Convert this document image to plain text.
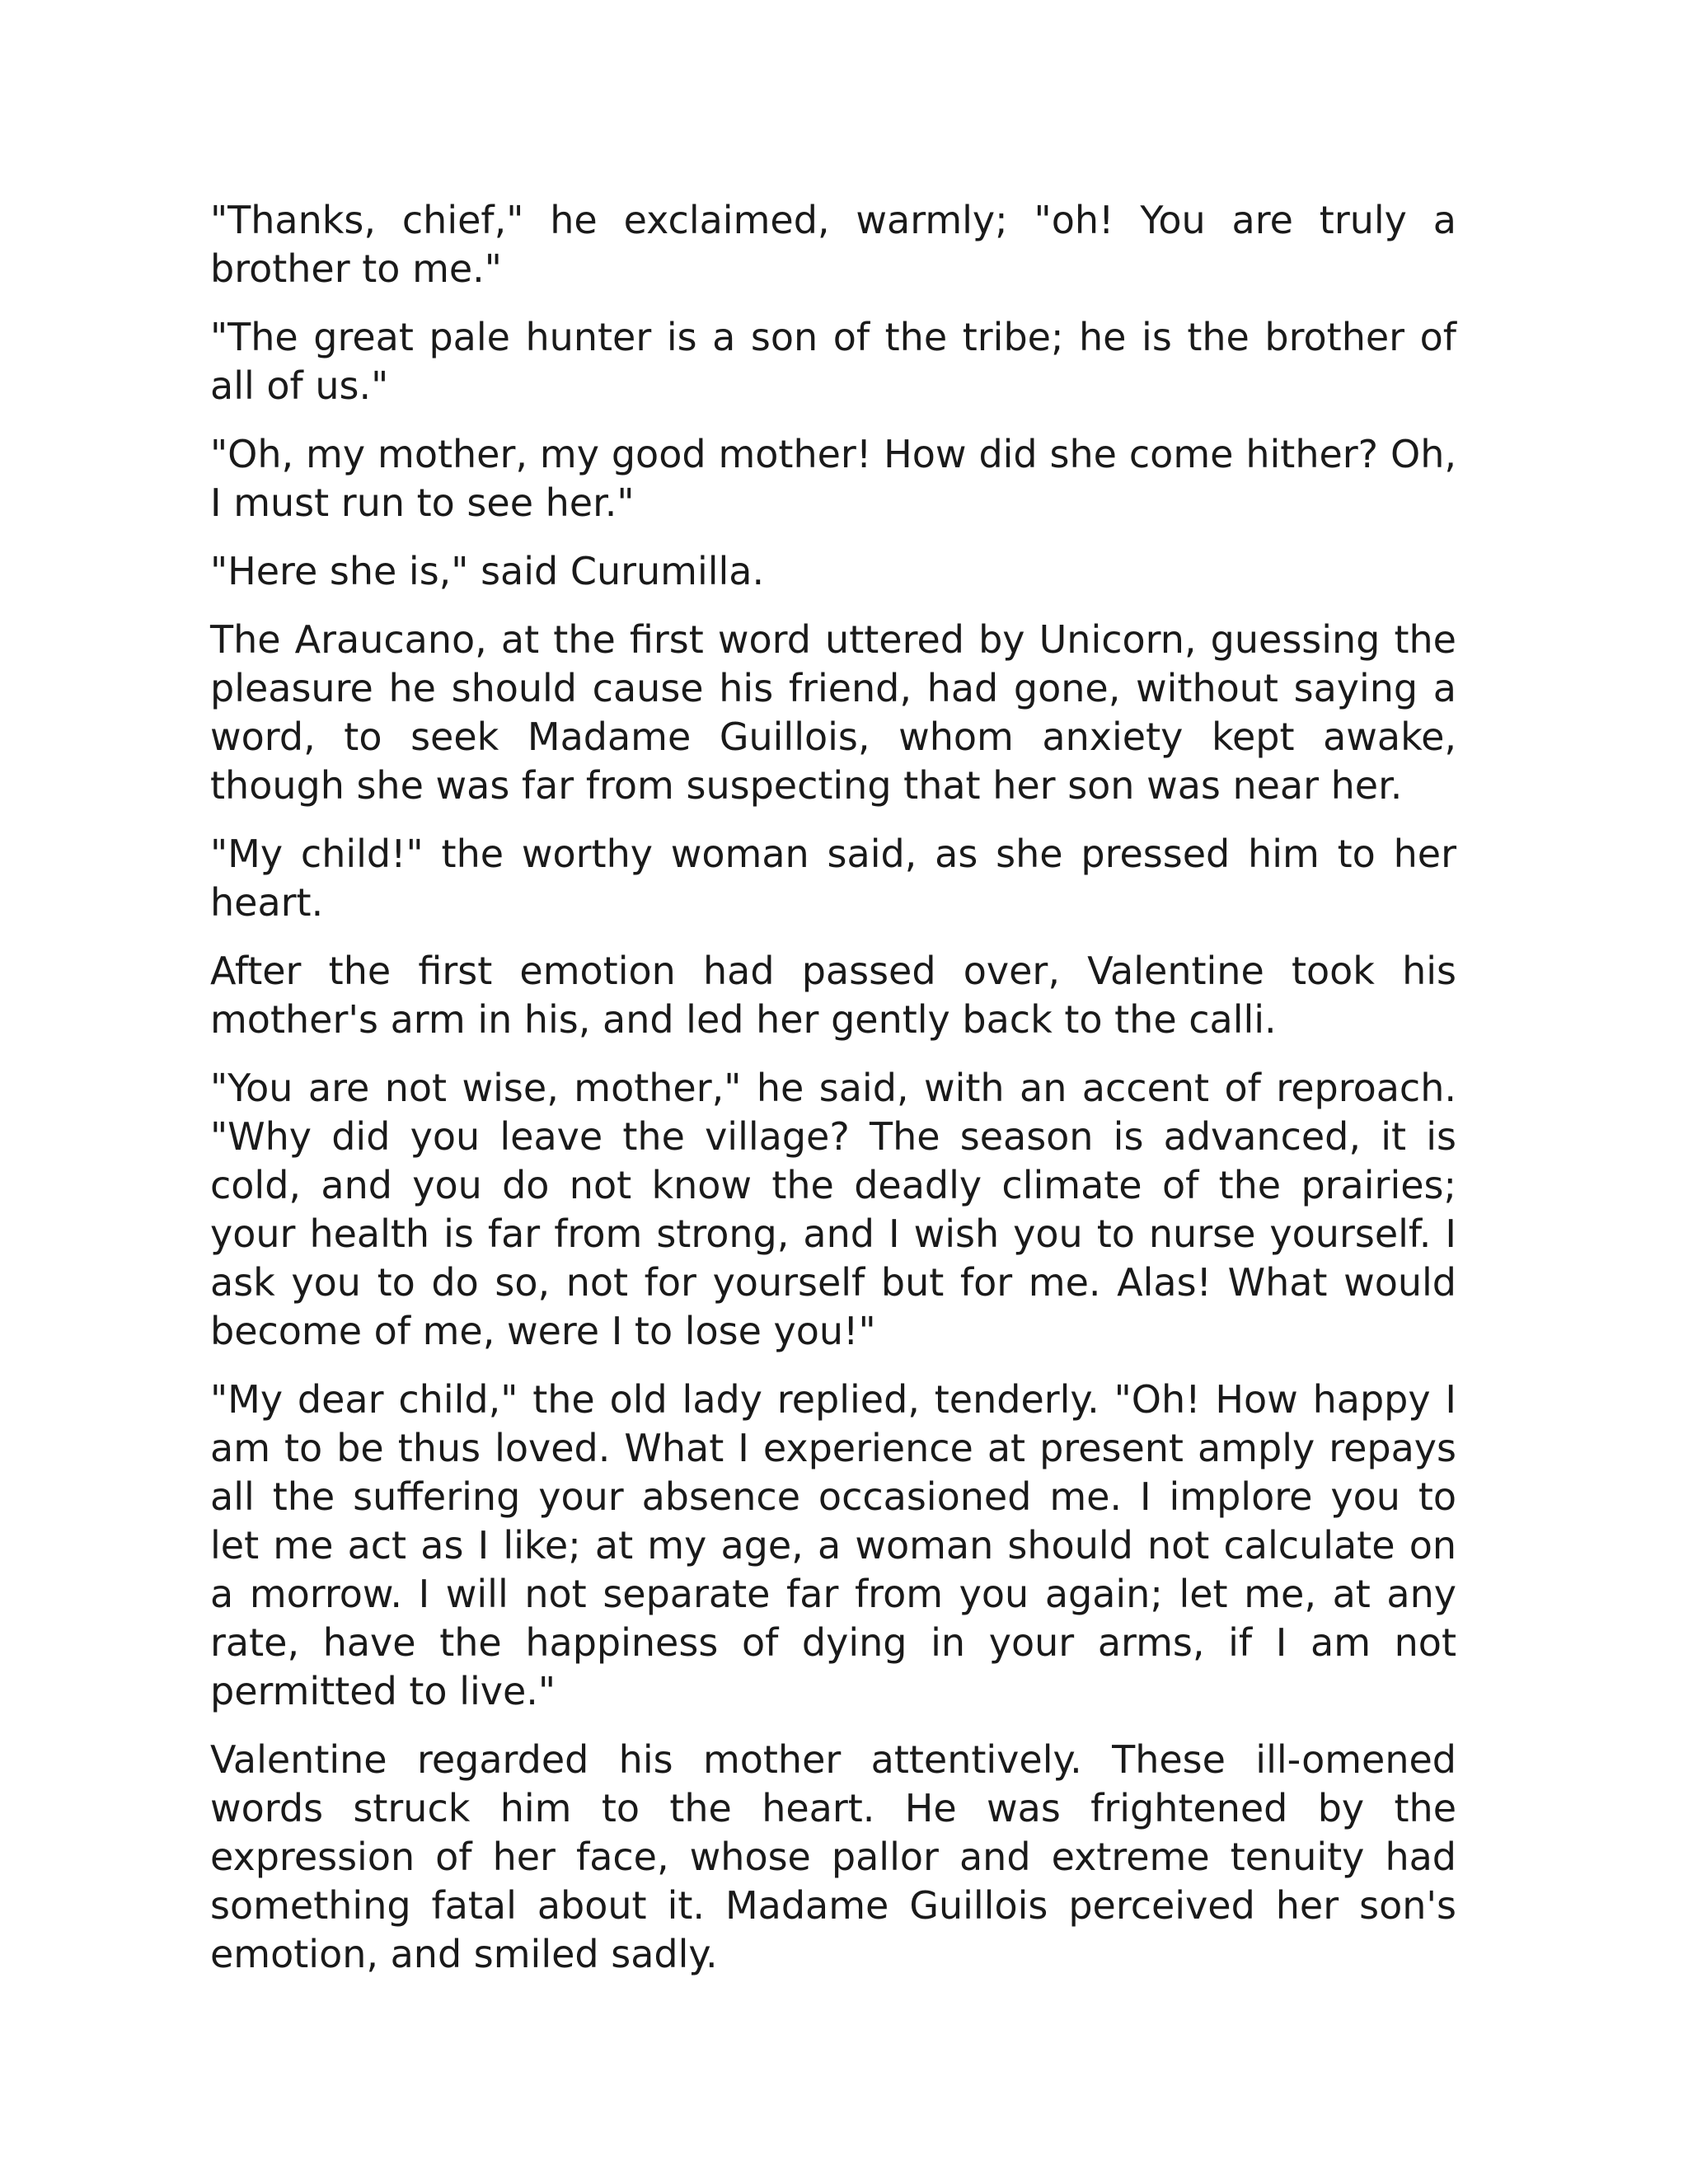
"Thanks, chief," he exclaimed, warmly; "oh! You are truly a brother to me."

"The great pale hunter is a son of the tribe; he is the brother of all of us."

"Oh, my mother, my good mother! How did she come hither? Oh, I must run to see her."

"Here she is," said Curumilla.

The Araucano, at the first word uttered by Unicorn, guessing the pleasure he should cause his friend, had gone, without saying a word, to seek Madame Guillois, whom anxiety kept awake, though she was far from suspecting that her son was near her.

"My child!" the worthy woman said, as she pressed him to her heart.

After the first emotion had passed over, Valentine took his mother's arm in his, and led her gently back to the calli.

"You are not wise, mother," he said, with an accent of reproach. "Why did you leave the village? The season is advanced, it is cold, and you do not know the deadly climate of the prairies; your health is far from strong, and I wish you to nurse yourself. I ask you to do so, not for yourself but for me. Alas! What would become of me, were I to lose you!"

"My dear child," the old lady replied, tenderly. "Oh! How happy I am to be thus loved. What I experience at present amply repays all the suffering your absence occasioned me. I implore you to let me act as I like; at my age, a woman should not calculate on a morrow. I will not separate far from you again; let me, at any rate, have the happiness of dying in your arms, if I am not permitted to live."

Valentine regarded his mother attentively. These ill-omened words struck him to the heart. He was frightened by the expression of her face, whose pallor and extreme tenuity had something fatal about it. Madame Guillois perceived her son's emotion, and smiled sadly.
